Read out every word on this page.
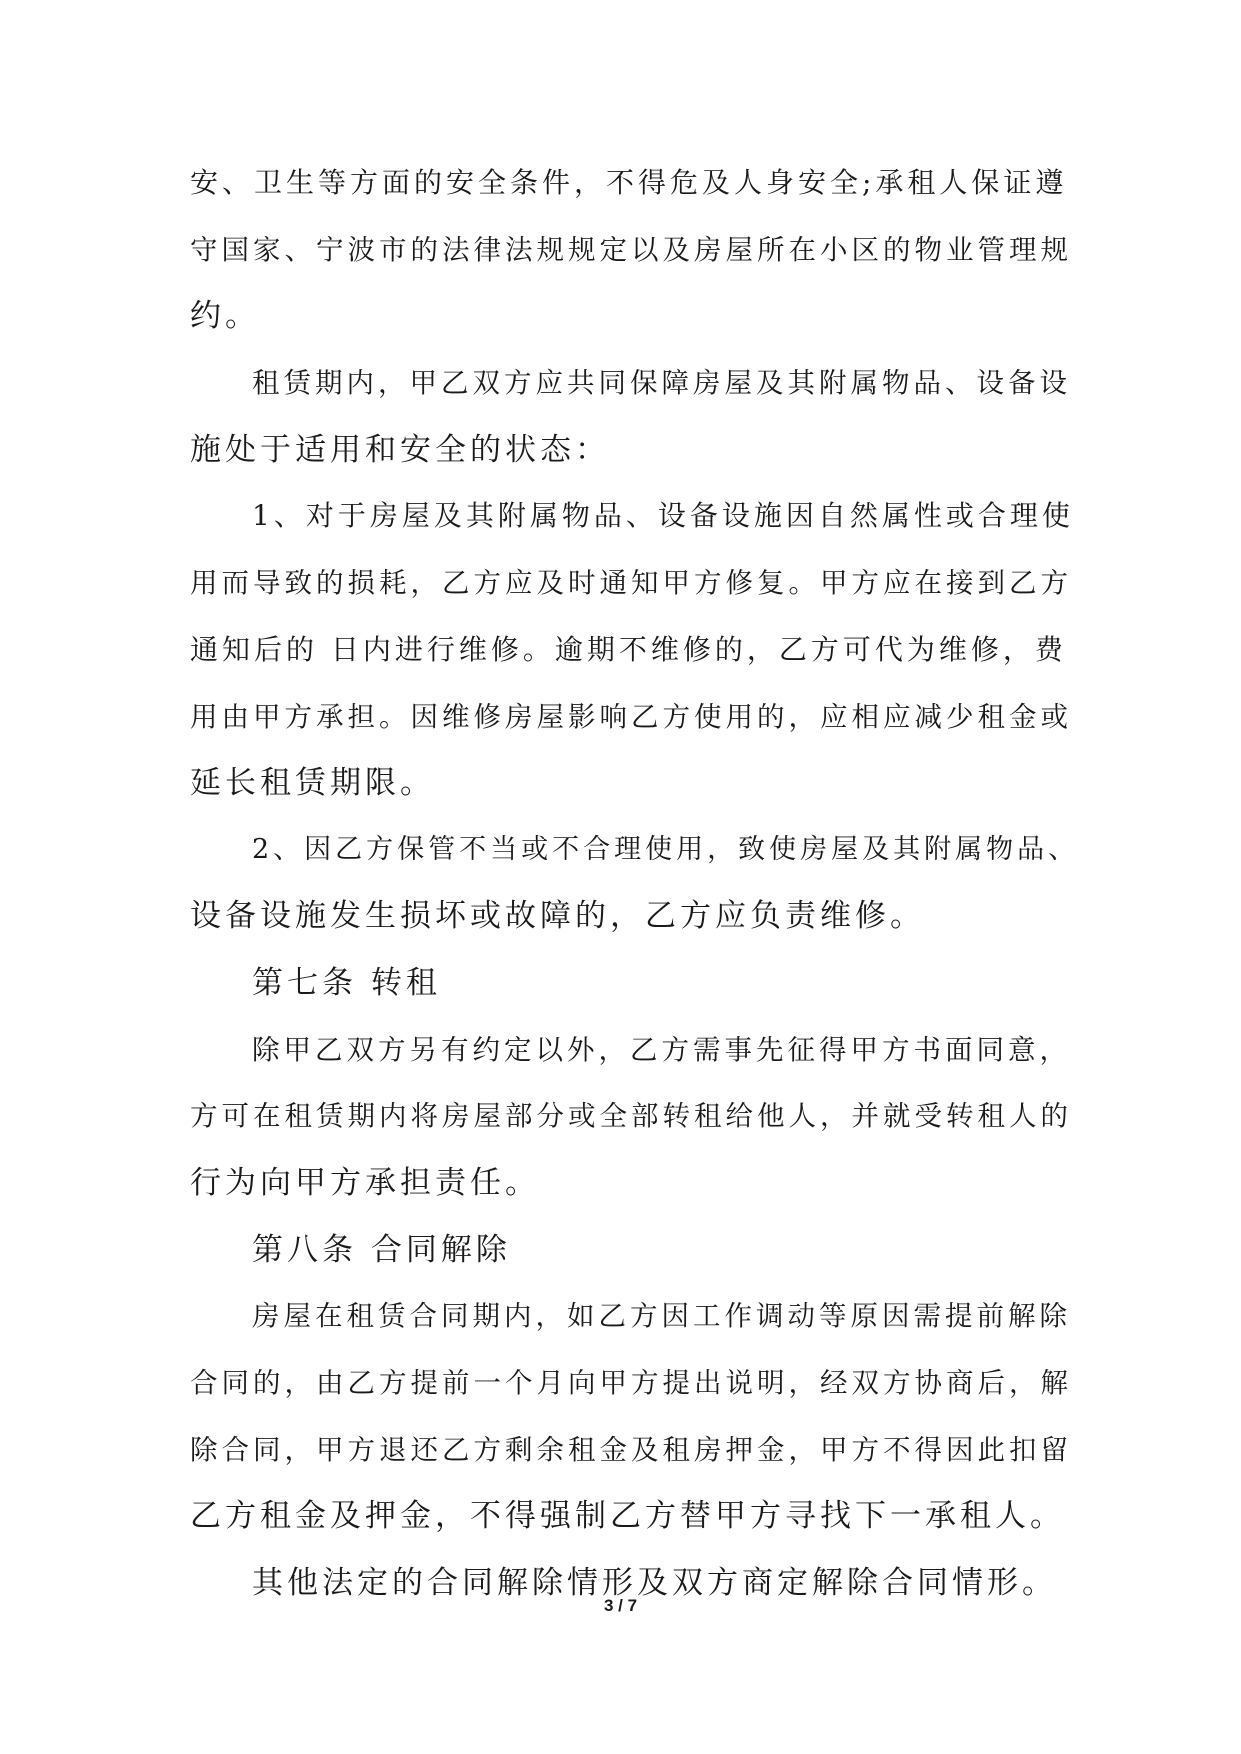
安、卫生等方面的安全条件，不得危及人身安全;承租人保证遵
守国家、宁波市的法律法规规定以及房屋所在小区的物业管理规
约。
租赁期内，甲乙双方应共同保障房屋及其附属物品、设备设
施处于适用和安全的状态：
1、对于房屋及其附属物品、设备设施因自然属性或合理使
用而导致的损耗，乙方应及时通知甲方修复。甲方应在接到乙方
通知后的 日内进行维修。逾期不维修的，乙方可代为维修，费
用由甲方承担。因维修房屋影响乙方使用的，应相应减少租金或
延长租赁期限。
2、因乙方保管不当或不合理使用，致使房屋及其附属物品、
设备设施发生损坏或故障的，乙方应负责维修。
第七条 转租
除甲乙双方另有约定以外，乙方需事先征得甲方书面同意，
方可在租赁期内将房屋部分或全部转租给他人，并就受转租人的
行为向甲方承担责任。
第八条 合同解除
房屋在租赁合同期内，如乙方因工作调动等原因需提前解除
合同的，由乙方提前一个月向甲方提出说明，经双方协商后，解
除合同，甲方退还乙方剩余租金及租房押金，甲方不得因此扣留
乙方租金及押金，不得强制乙方替甲方寻找下一承租人。
其他法定的合同解除情形及双方商定解除合同情形。
3 / 7
